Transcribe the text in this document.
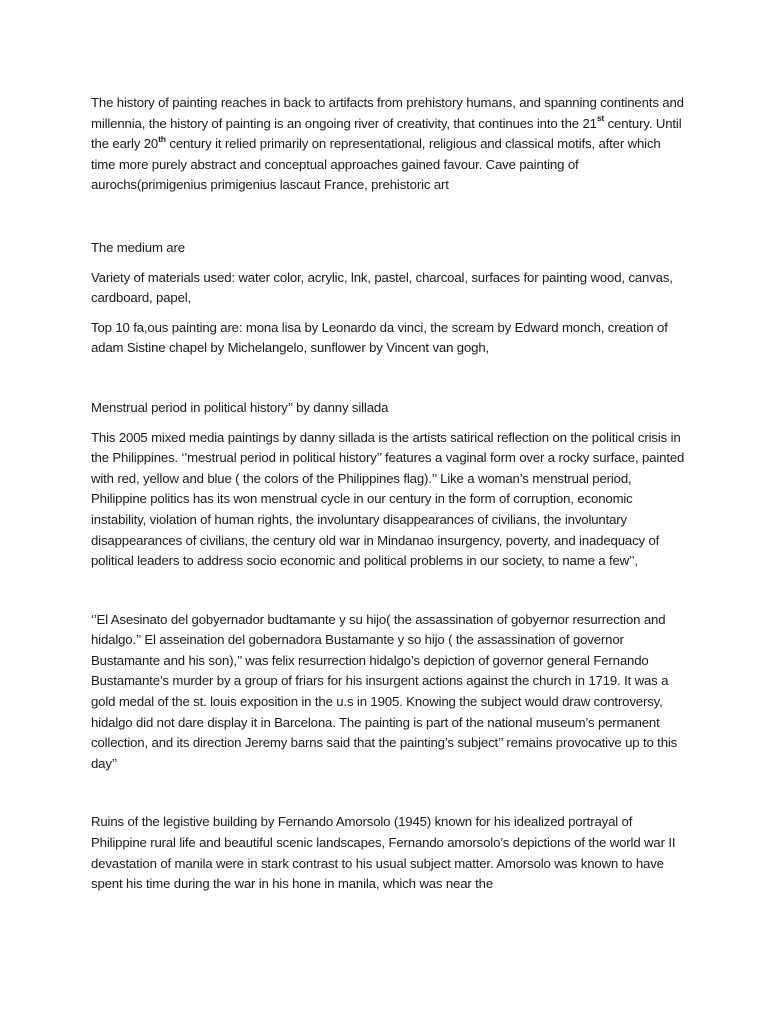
The history of painting reaches in back to artifacts from prehistory humans, and spanning continents and millennia, the history of painting is an ongoing river of creativity, that continues into the 21st century. Until the early 20th century it relied primarily on representational, religious and classical motifs, after which time more purely abstract and conceptual approaches gained favour. Cave painting of aurochs(primigenius primigenius lascaut France, prehistoric art

The medium are

Variety of materials used: water color, acrylic, lnk, pastel, charcoal, surfaces for painting wood, canvas, cardboard, papel,

Top 10 fa,ous painting are: mona lisa by Leonardo da vinci, the scream by Edward monch, creation of adam Sistine chapel by Michelangelo, sunflower by Vincent van gogh,

Menstrual period in political history’’ by danny sillada

This 2005 mixed media paintings by danny sillada is the artists satirical reflection on the political crisis in the Philippines. ‘’mestrual period in political history’’ features a vaginal form over a rocky surface, painted with red, yellow and blue ( the colors of the Philippines flag).’’ Like a woman’s menstrual period, Philippine politics has its won menstrual cycle in our century in the form of corruption, economic instability, violation of human rights, the involuntary disappearances of civilians, the involuntary disappearances of civilians, the century old war in Mindanao insurgency, poverty, and inadequacy of political leaders to address socio economic and political problems in our society, to name a few’’,

‘’El Asesinato del gobyernador budtamante y su hijo( the assassination of gobyernor resurrection and hidalgo.’’ El asseination del gobernadora Bustamante y so hijo ( the assassination of governor Bustamante and his son),’’ was felix resurrection hidalgo’s depiction of governor general Fernando Bustamante’s murder by a group of friars for his insurgent actions against the church in 1719. It was a gold medal of the st. louis exposition in the u.s in 1905. Knowing the subject would draw controversy, hidalgo did not dare display it in Barcelona. The painting is part of the national museum’s permanent collection, and its direction Jeremy barns said that the painting’s subject’’ remains provocative up to this day’’

Ruins of the legistive building by Fernando Amorsolo (1945) known for his idealized portrayal of Philippine rural life and beautiful scenic landscapes, Fernando amorsolo’s depictions of the world war II devastation of manila were in stark contrast to his usual subject matter. Amorsolo was known to have spent his time during the war in his hone in manila, which was near the
